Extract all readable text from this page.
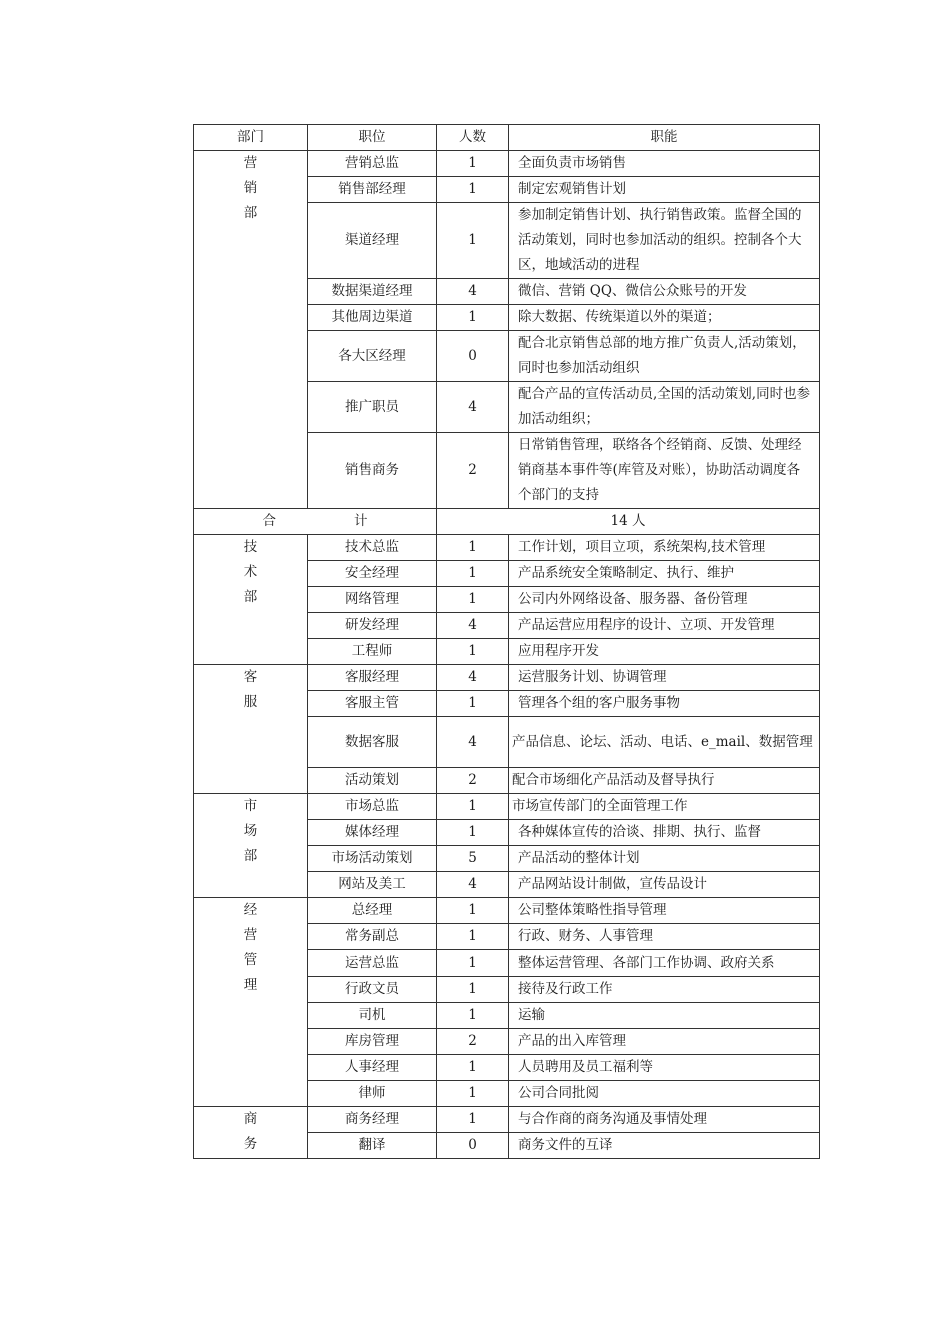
部门	职位	人数	职能

营
销
部	营销总监	1	全面负责市场销售
	销售部经理	1	制定宏观销售计划
	渠道经理	1	参加制定销售计划、执行销售政策。监督全国的活动策划，同时也参加活动的组织。控制各个大区，地域活动的进程
	数据渠道经理	4	微信、营销 QQ、微信公众账号的开发
	其他周边渠道	1	除大数据、传统渠道以外的渠道；
	各大区经理	0	配合北京销售总部的地方推广负责人,活动策划，同时也参加活动组织
	推广职员	4	配合产品的宣传活动员,全国的活动策划,同时也参加活动组织；
	销售商务	2	日常销售管理，联络各个经销商、反馈、处理经销商基本事件等(库管及对账），协助活动调度各个部门的支持
合 计		14 人	

技
术
部	技术总监	1	工作计划，项目立项，系统架构,技术管理
	安全经理	1	产品系统安全策略制定、执行、维护
	网络管理	1	公司内外网络设备、服务器、备份管理
	研发经理	4	产品运营应用程序的设计、立项、开发管理
	工程师	1	应用程序开发

客
服	客服经理	4	运营服务计划、协调管理
	客服主管	1	管理各个组的客户服务事物
	数据客服	4	产品信息、论坛、活动、电话、e_mail、数据管理
	活动策划	2	配合市场细化产品活动及督导执行

市
场
部	市场总监	1	市场宣传部门的全面管理工作
	媒体经理	1	各种媒体宣传的洽谈、排期、执行、监督
	市场活动策划	5	产品活动的整体计划
	网站及美工	4	产品网站设计制做，宣传品设计

经
营
管
理	总经理	1	公司整体策略性指导管理
	常务副总	1	行政、财务、人事管理
	运营总监	1	整体运营管理、各部门工作协调、政府关系
	行政文员	1	接待及行政工作
	司机	1	运输
	库房管理	2	产品的出入库管理
	人事经理	1	人员聘用及员工福利等
	律师	1	公司合同批阅

商
务	商务经理	1	与合作商的商务沟通及事情处理
	翻译	0	商务文件的互译
